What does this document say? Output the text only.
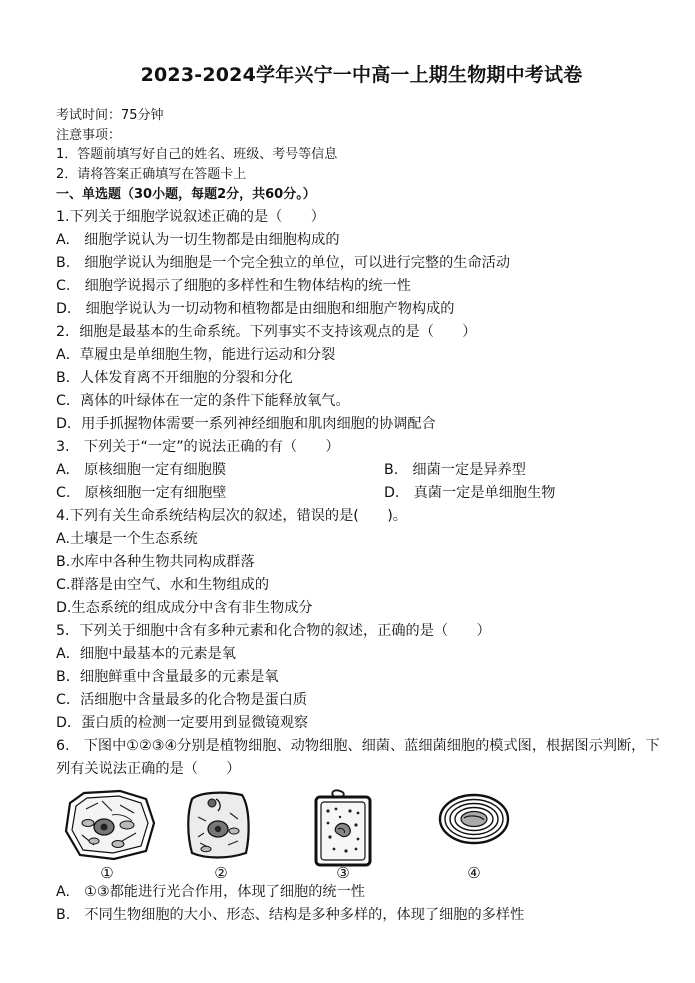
2023-2024学年兴宁一中高一上期生物期中考试卷
考试时间：75分钟
注意事项：
1．答题前填写好自己的姓名、班级、考号等信息
2．请将答案正确填写在答题卡上
一、单选题（30小题，每题2分，共60分。）
1.下列关于细胞学说叙述正确的是（　　）
A.　细胞学说认为一切生物都是由细胞构成的
B.　细胞学说认为细胞是一个完全独立的单位，可以进行完整的生命活动
C.　细胞学说揭示了细胞的多样性和生物体结构的统一性
D.　细胞学说认为一切动物和植物都是由细胞和细胞产物构成的
2．细胞是最基本的生命系统。下列事实不支持该观点的是（　　）
A．草履虫是单细胞生物，能进行运动和分裂
B．人体发育离不开细胞的分裂和分化
C．离体的叶绿体在一定的条件下能释放氧气。
D．用手抓握物体需要一系列神经细胞和肌肉细胞的协调配合
3.　下列关于“一定”的说法正确的有（　　）
A.　原核细胞一定有细胞膜	B.　细菌一定是异养型
C.　原核细胞一定有细胞壁	D.　真菌一定是单细胞生物
4.下列有关生命系统结构层次的叙述，错误的是(　　)。
A.土壤是一个生态系统
B.水库中各种生物共同构成群落
C.群落是由空气、水和生物组成的
D.生态系统的组成成分中含有非生物成分
5．下列关于细胞中含有多种元素和化合物的叙述，正确的是（　　）
A．细胞中最基本的元素是氧
B．细胞鲜重中含量最多的元素是氧
C．活细胞中含量最多的化合物是蛋白质
D．蛋白质的检测一定要用到显微镜观察
6.　下图中①②③④分别是植物细胞、动物细胞、细菌、蓝细菌细胞的模式图，根据图示判断，下列有关说法正确的是（　　）
①	②	③	④
A.　①③都能进行光合作用，体现了细胞的统一性
B.　不同生物细胞的大小、形态、结构是多种多样的，体现了细胞的多样性
